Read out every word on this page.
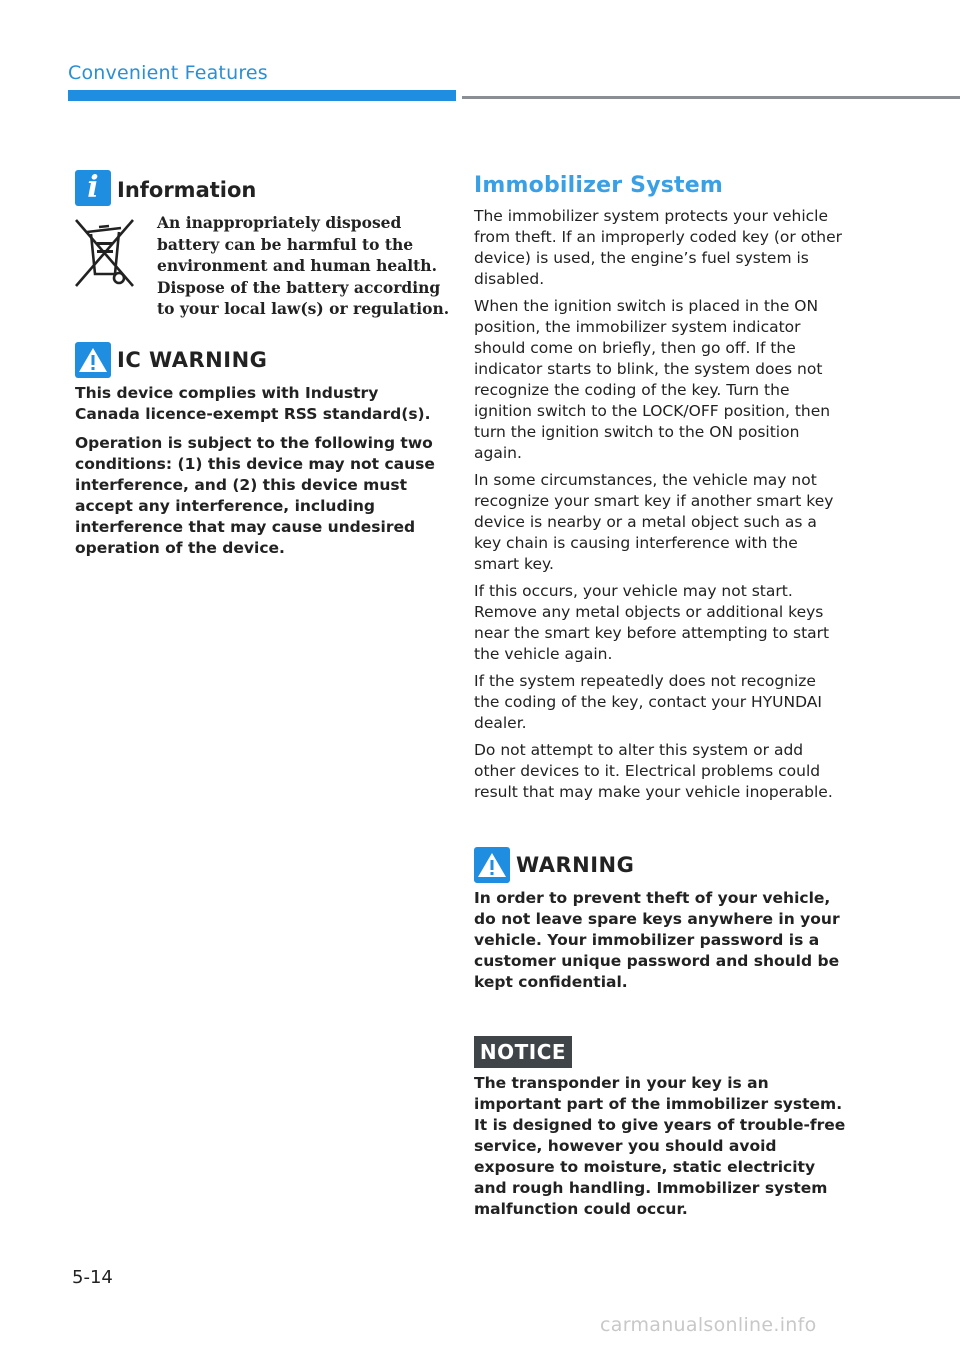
Convenient Features
i Information
An inappropriately disposed battery can be harmful to the environment and human health. Dispose of the battery according to your local law(s) or regulation.
IC WARNING

This device complies with Industry Canada licence-exempt RSS standard(s).

Operation is subject to the following two conditions: (1) this device may not cause interference, and (2) this device must accept any interference, including interference that may cause undesired operation of the device.

Immobilizer System

The immobilizer system protects your vehicle from theft. If an improperly coded key (or other device) is used, the engine’s fuel system is disabled.

When the ignition switch is placed in the ON position, the immobilizer system indicator should come on briefly, then go off. If the indicator starts to blink, the system does not recognize the coding of the key. Turn the ignition switch to the LOCK/OFF position, then turn the ignition switch to the ON position again.

In some circumstances, the vehicle may not recognize your smart key if another smart key device is nearby or a metal object such as a key chain is causing interference with the smart key.

If this occurs, your vehicle may not start. Remove any metal objects or additional keys near the smart key before attempting to start the vehicle again.

If the system repeatedly does not recognize the coding of the key, contact your HYUNDAI dealer.

Do not attempt to alter this system or add other devices to it. Electrical problems could result that may make your vehicle inoperable.

WARNING

In order to prevent theft of your vehicle, do not leave spare keys anywhere in your vehicle. Your immobilizer password is a customer unique password and should be kept confidential.

NOTICE

The transponder in your key is an important part of the immobilizer system. It is designed to give years of trouble-free service, however you should avoid exposure to moisture, static electricity and rough handling. Immobilizer system malfunction could occur.

5-14
carmanualsonline.info
